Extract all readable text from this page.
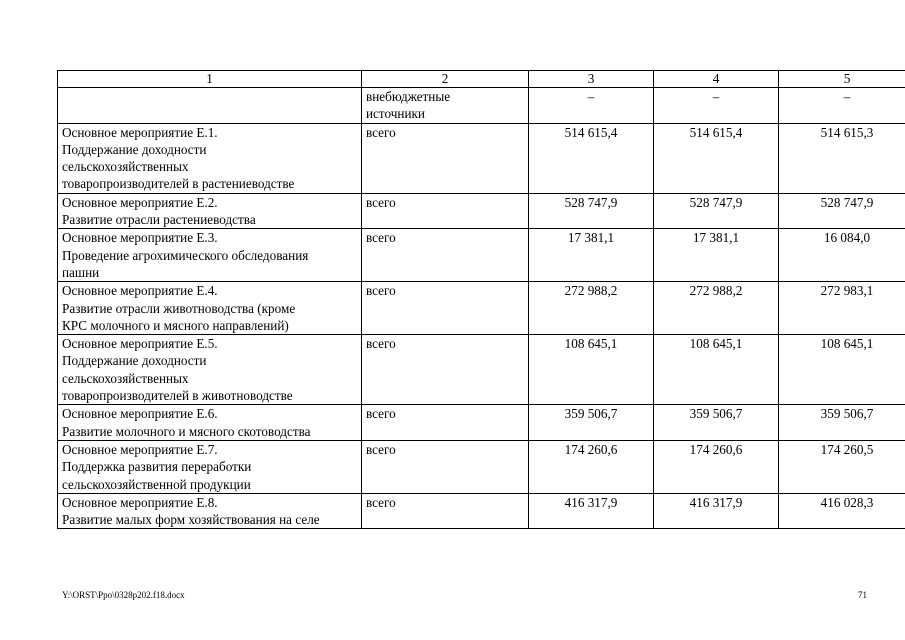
1	2	3	4	5

	внебюджетные
источники	–	–	–

Основное мероприятие Е.1.
Поддержание доходности
сельскохозяйственных
товаропроизводителей в растениеводстве	всего	514 615,4	514 615,4	514 615,3

Основное мероприятие Е.2.
Развитие отрасли растениеводства	всего	528 747,9	528 747,9	528 747,9

Основное мероприятие Е.3.
Проведение агрохимического обследования
пашни	всего	17 381,1	17 381,1	16 084,0

Основное мероприятие Е.4.
Развитие отрасли животноводства (кроме
КРС молочного и мясного направлений)	всего	272 988,2	272 988,2	272 983,1

Основное мероприятие Е.5.
Поддержание доходности
сельскохозяйственных
товаропроизводителей в животноводстве	всего	108 645,1	108 645,1	108 645,1

Основное мероприятие Е.6.
Развитие молочного и мясного скотоводства	всего	359 506,7	359 506,7	359 506,7

Основное мероприятие Е.7.
Поддержка развития переработки
сельскохозяйственной продукции	всего	174 260,6	174 260,6	174 260,5

Основное мероприятие Е.8.
Развитие малых форм хозяйствования на селе	всего	416 317,9	416 317,9	416 028,3
Y:\ORST\Ppo\0328p202.f18.docx	71
